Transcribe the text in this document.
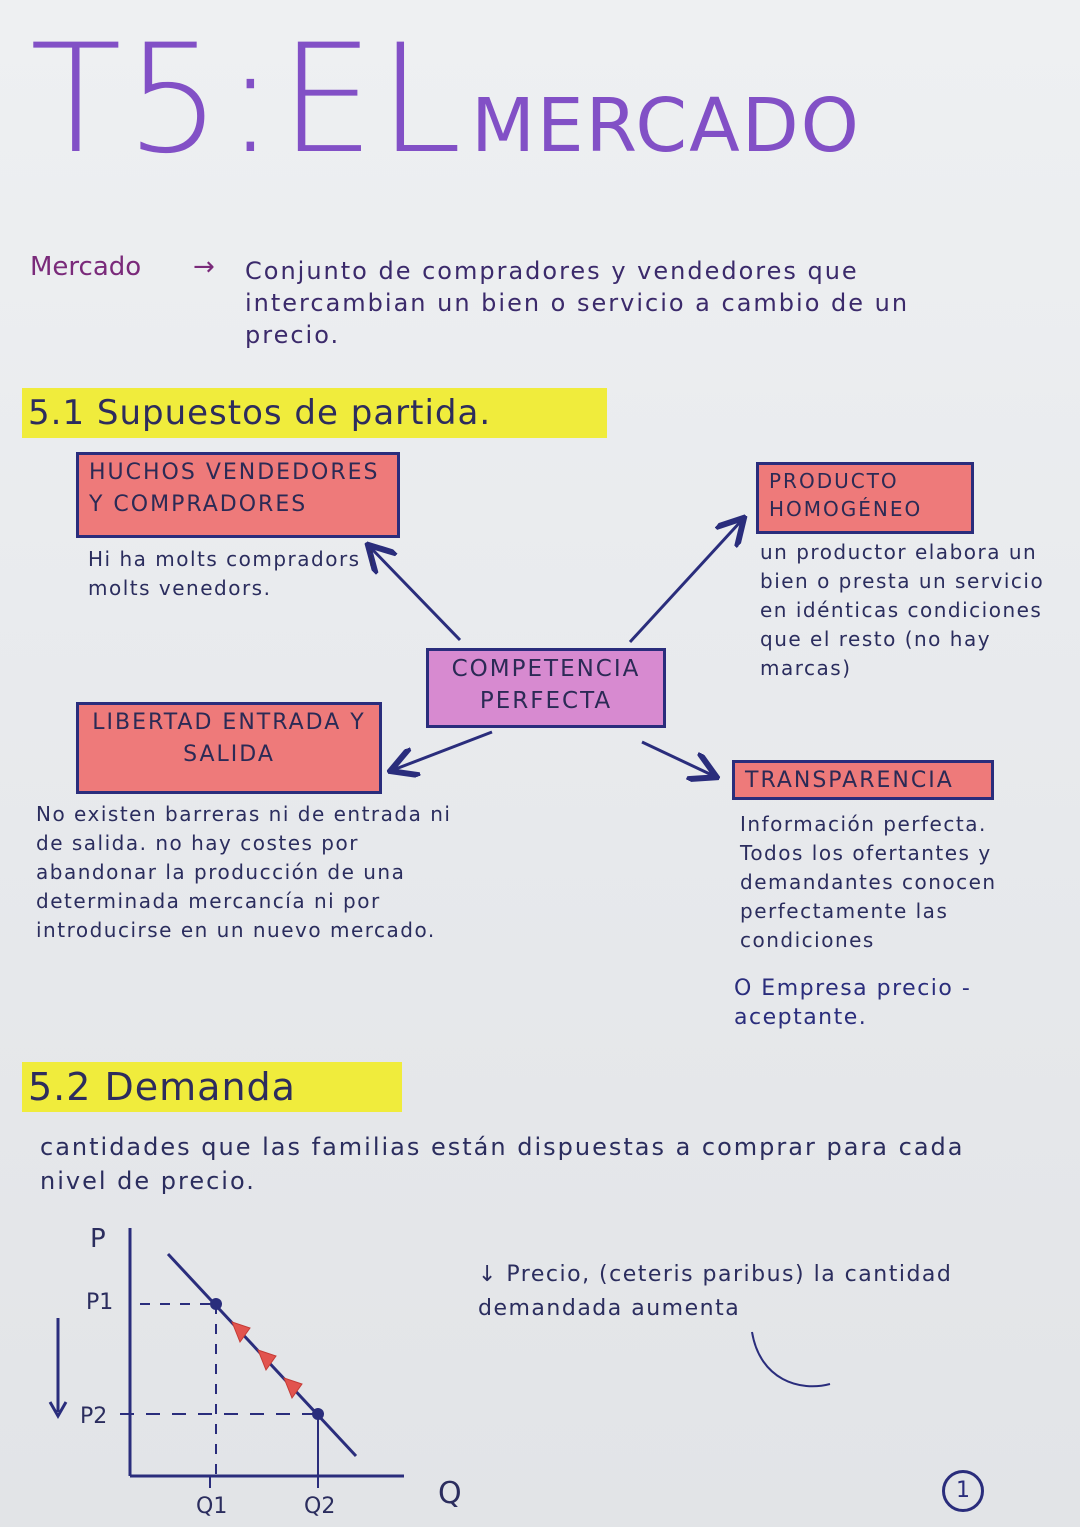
T5:EL MERCADO
Mercado → Conjunto de compradores y vendedores que intercambian un bien o servicio a cambio de un precio.
5.1 Supuestos de partida.
COMPETENCIA PERFECTA
HUCHOS VENDEDORES Y COMPRADORES
Hi ha molts compradors i molts venedors.
PRODUCTO HOMOGÉNEO
un productor elabora un bien o presta un servicio en idénticas condiciones que el resto (no hay marcas)
LIBERTAD ENTRADA Y SALIDA
No existen barreras ni de entrada ni de salida. no hay costes por abandonar la producción de una determinada mercancía ni por introducirse en un nuevo mercado.
TRANSPARENCIA
Información perfecta. Todos los ofertantes y demandantes conocen perfectamente las condiciones
O Empresa precio - aceptante.
5.2 Demanda
cantidades que las familias están dispuestas a comprar para cada nivel de precio.
↓ Precio, (ceteris paribus) la cantidad demandada aumenta
P
P1
P2
Q1	Q2	Q	1
